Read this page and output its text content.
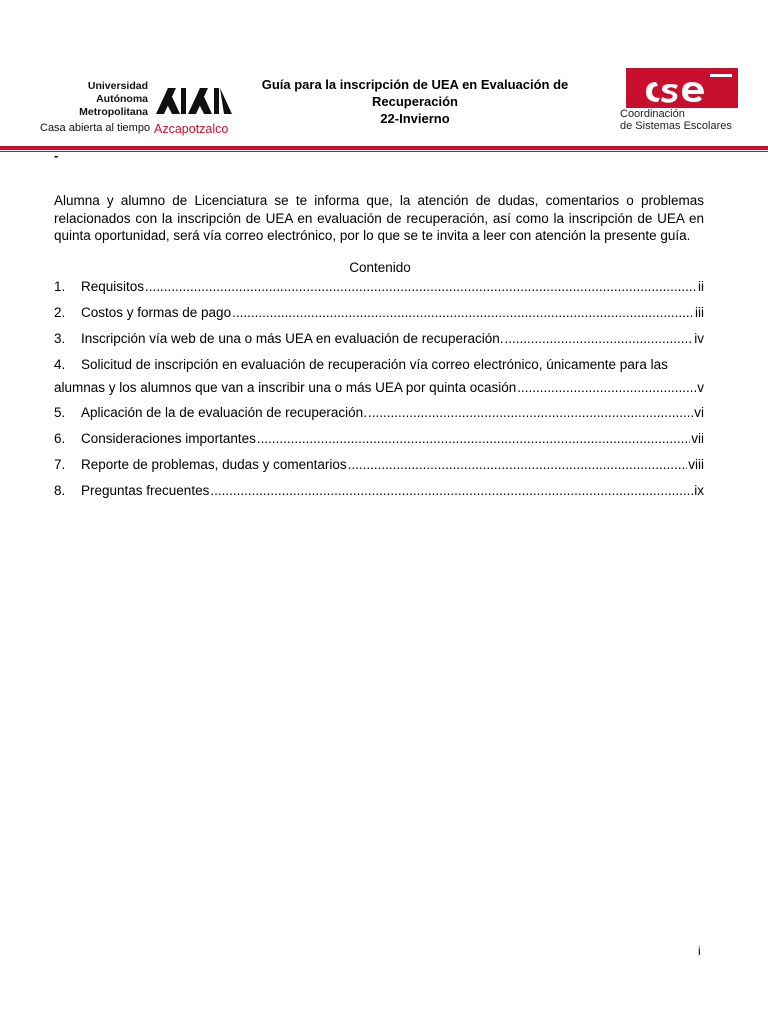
Universidad
Autónoma
Metropolitana
Casa abierta al tiempo Azcapotzalco
Guía para la inscripción de UEA en Evaluación de
Recuperación
22-Invierno	Coordinación
de Sistemas Escolares
-
Alumna y alumno de Licenciatura se te informa que, la atención de dudas, comentarios o problemas relacionados con la inscripción de UEA en evaluación de recuperación, así como la inscripción de UEA en quinta oportunidad, será vía correo electrónico, por lo que se te invita a leer con atención la presente guía.
Contenido
1.	Requisitos .....	ii
2.	Costos y formas de pago .....	iii
3.	Inscripción vía web de una o más UEA en evaluación de recuperación. .....	iv
4.	Solicitud de inscripción en evaluación de recuperación vía correo electrónico, únicamente para las
alumnas y los alumnos que van a inscribir una o más UEA por quinta ocasión .....	v
5.	Aplicación de la de evaluación de recuperación. .....	vi
6.	Consideraciones importantes .....	vii
7.	Reporte de problemas, dudas y comentarios .....	viii
8.	Preguntas frecuentes .....	ix
i
